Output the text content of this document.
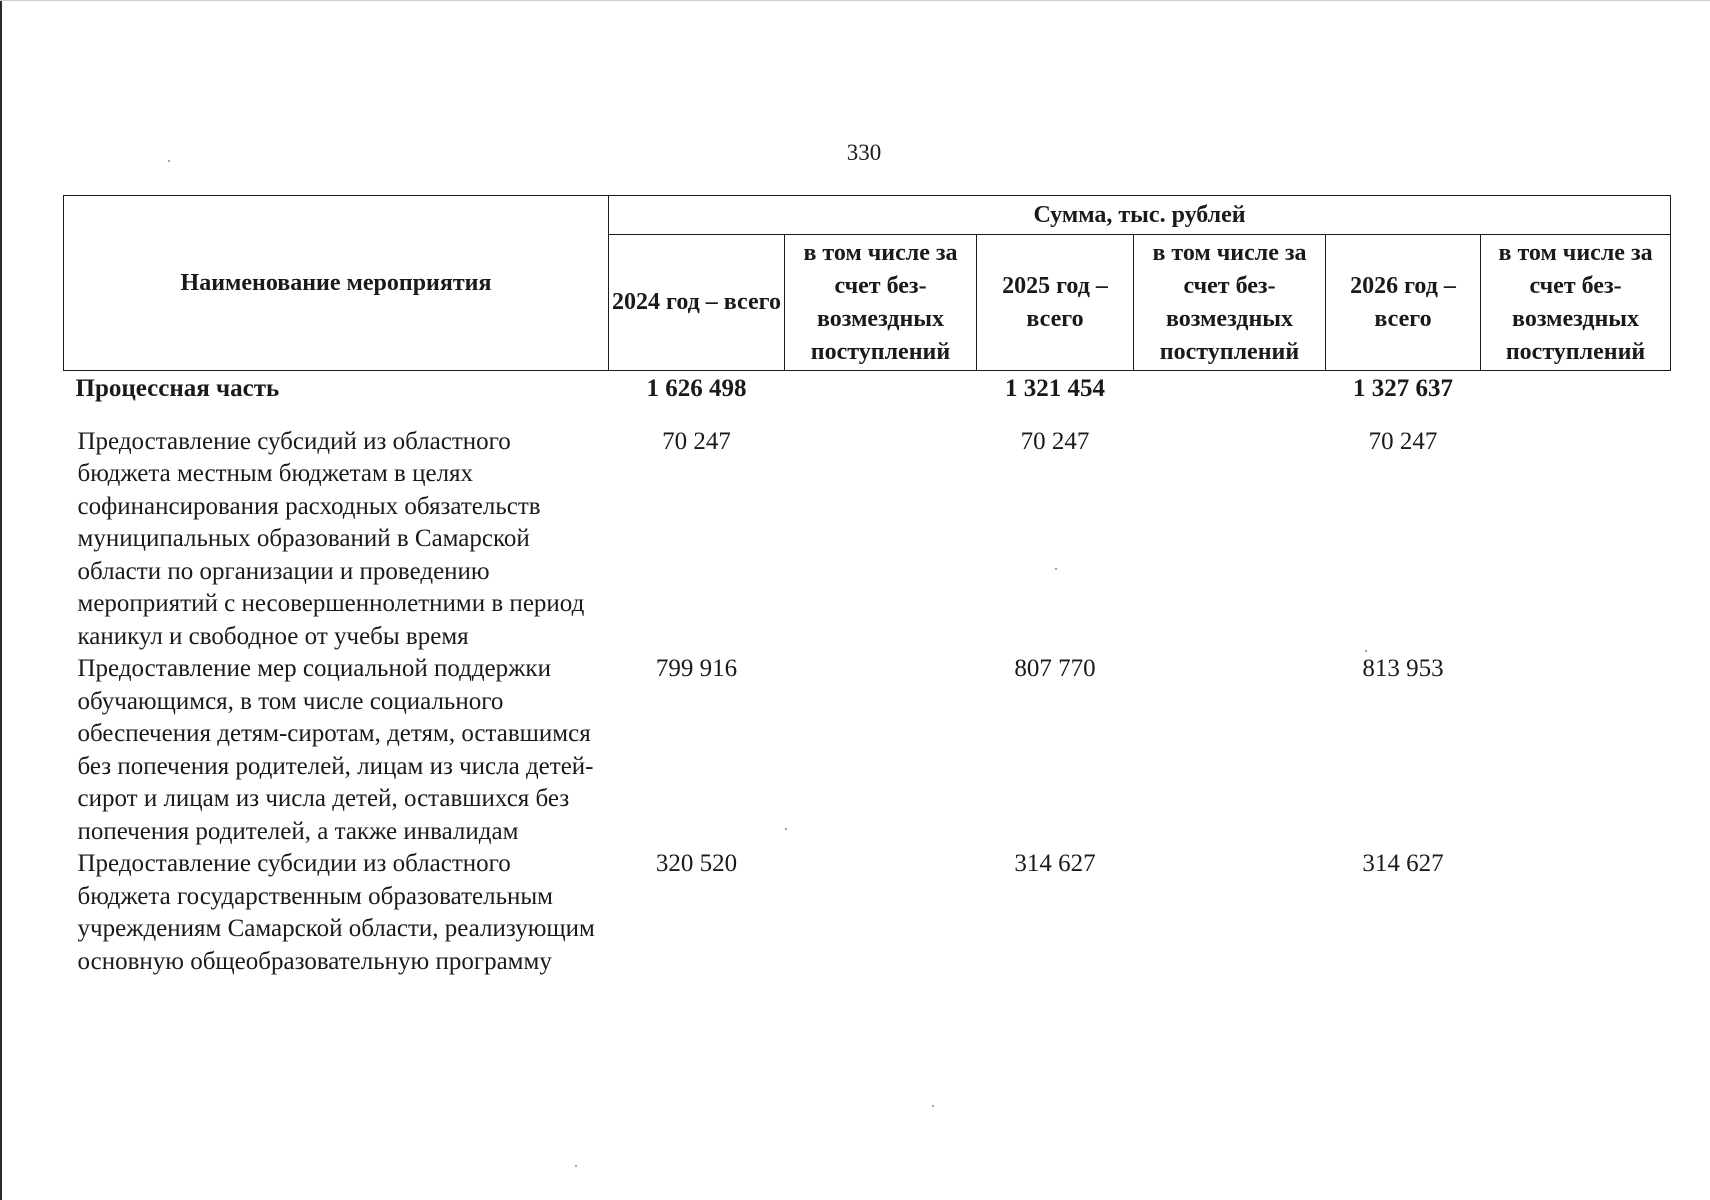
330
Наименование мероприятия	Сумма, тыс. рублей					
	2024 год – всего	в том числе за счет без-возмездных поступлений	2025 год – всего	в том числе за счет без-возмездных поступлений	2026 год – всего	в том числе за счет без-возмездных поступлений
Процессная часть	1 626 498		1 321 454		1 327 637	

Предоставление субсидий из областного бюджета местным бюджетам в целях софинансирования расходных обязательств муниципальных образований в Самарской области по организации и проведению мероприятий с несовершеннолетними в период каникул и свободное от учебы время	70 247		70 247		70 247	
Предоставление мер социальной поддержки обучающимся, в том числе социального обеспечения детям-сиротам, детям, оставшимся без попечения родителей, лицам из числа детей-сирот и лицам из числа детей, оставшихся без попечения родителей, а также инвалидам	799 916		807 770		813 953	
Предоставление субсидии из областного бюджета государственным образовательным учреждениям Самарской области, реализующим основную общеобразовательную программу	320 520		314 627		314 627	
